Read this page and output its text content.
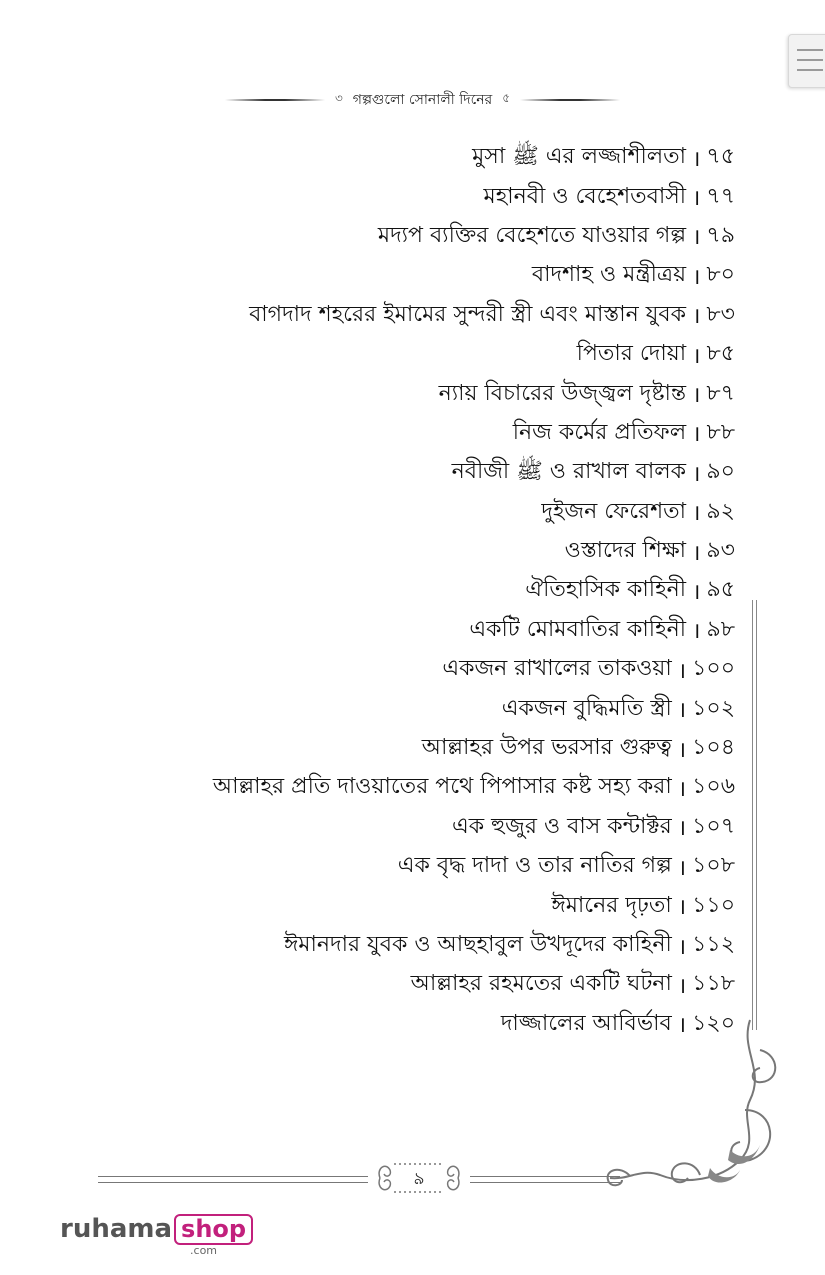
৩ গল্পগুলো সোনালী দিনের ৫
মুসা ﷺ এর লজ্জাশীলতা । ৭৫
মহানবী ও বেহেশতবাসী । ৭৭
মদ্যপ ব্যক্তির বেহেশতে যাওয়ার গল্প । ৭৯
বাদশাহ ও মন্ত্রীত্রয় । ৮০
বাগদাদ শহরের ইমামের সুন্দরী স্ত্রী এবং মাস্তান যুবক । ৮৩
পিতার দোয়া । ৮৫
ন্যায় বিচারের উজ্জ্বল দৃষ্টান্ত । ৮৭
নিজ কর্মের প্রতিফল । ৮৮
নবীজী ﷺ ও রাখাল বালক । ৯০
দুইজন ফেরেশতা । ৯২
ওস্তাদের শিক্ষা । ৯৩
ঐতিহাসিক কাহিনী । ৯৫
একটি মোমবাতির কাহিনী । ৯৮
একজন রাখালের তাকওয়া । ১০০
একজন বুদ্ধিমতি স্ত্রী । ১০২
আল্লাহর উপর ভরসার গুরুত্ব । ১০৪
আল্লাহর প্রতি দাওয়াতের পথে পিপাসার কষ্ট সহ্য করা । ১০৬
এক হুজুর ও বাস কন্টাক্টর । ১০৭
এক বৃদ্ধ দাদা ও তার নাতির গল্প । ১০৮
ঈমানের দৃঢ়তা । ১১০
ঈমানদার যুবক ও আছহাবুল উখদূদের কাহিনী । ১১২
আল্লাহর রহমতের একটি ঘটনা । ১১৮
দাজ্জালের আবির্ভাব । ১২০
৯
ruhama shop
.com
